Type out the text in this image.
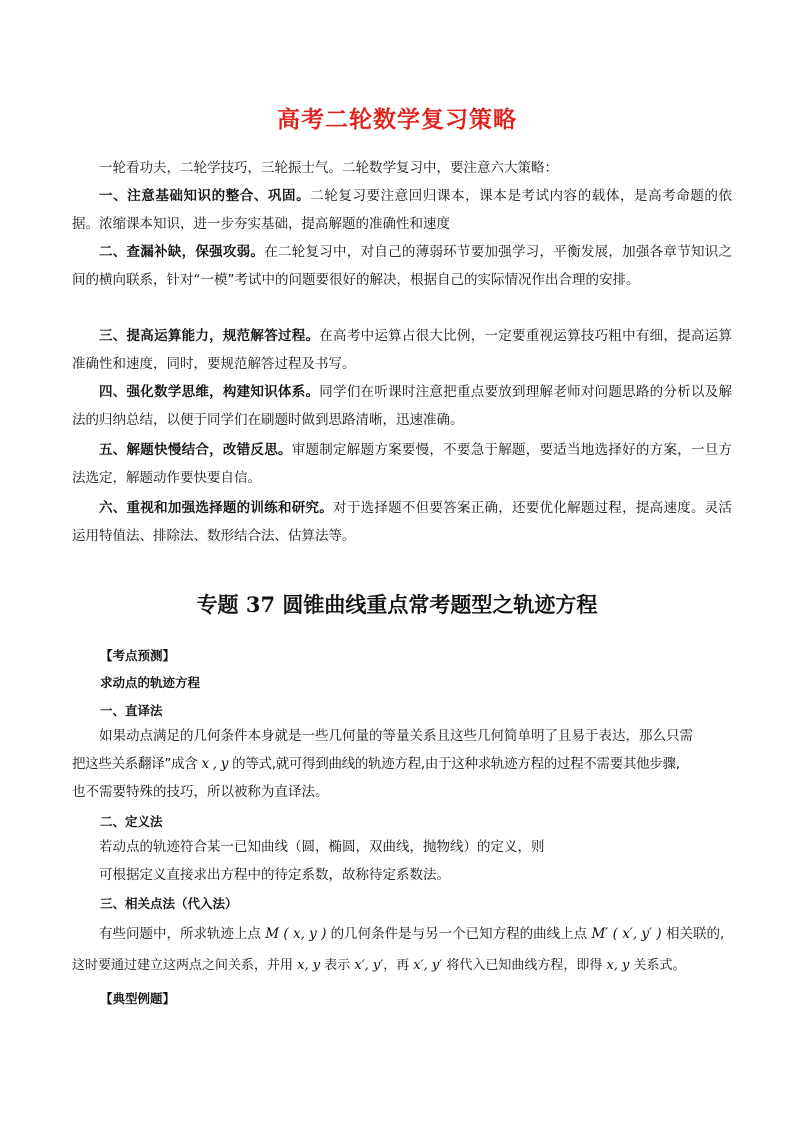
高考二轮数学复习策略

一轮看功夫，二轮学技巧，三轮振士气。二轮数学复习中，要注意六大策略：

一、注意基础知识的整合、巩固。二轮复习要注意回归课本，课本是考试内容的载体，是高考命题的依据。浓缩课本知识，进一步夯实基础，提高解题的准确性和速度

二、查漏补缺，保强攻弱。在二轮复习中，对自己的薄弱环节要加强学习，平衡发展，加强各章节知识之间的横向联系，针对“一模”考试中的问题要很好的解决，根据自己的实际情况作出合理的安排。

三、提高运算能力，规范解答过程。在高考中运算占很大比例，一定要重视运算技巧粗中有细，提高运算准确性和速度，同时，要规范解答过程及书写。

四、强化数学思维，构建知识体系。同学们在听课时注意把重点要放到理解老师对问题思路的分析以及解法的归纳总结，以便于同学们在刷题时做到思路清晰，迅速准确。

五、解题快慢结合，改错反思。审题制定解题方案要慢，不要急于解题，要适当地选择好的方案，一旦方法选定，解题动作要快要自信。

六、重视和加强选择题的训练和研究。对于选择题不但要答案正确，还要优化解题过程，提高速度。灵活运用特值法、排除法、数形结合法、估算法等。

专题 37 圆锥曲线重点常考题型之轨迹方程
【考点预测】
求动点的轨迹方程
一、直译法

如果动点满足的几何条件本身就是一些几何量的等量关系且这些几何简单明了且易于表达，那么只需

把这些关系翻译”成含 x , y 的等式,就可得到曲线的轨迹方程,由于这种求轨迹方程的过程不需要其他步骤,

也不需要特殊的技巧，所以被称为直译法。

二、定义法

若动点的轨迹符合某一已知曲线（圆，椭圆，双曲线，抛物线）的定义，则

可根据定义直接求出方程中的待定系数，故称待定系数法。

三、相关点法（代入法）

有些问题中，所求轨迹上点 M ( x, y ) 的几何条件是与另一个已知方程的曲线上点 M′ ( x′, y′ ) 相关联的,

这时要通过建立这两点之间关系，并用 x, y 表示 x′, y′，再 x′, y′ 将代入已知曲线方程，即得 x, y 关系式。

【典型例题】
